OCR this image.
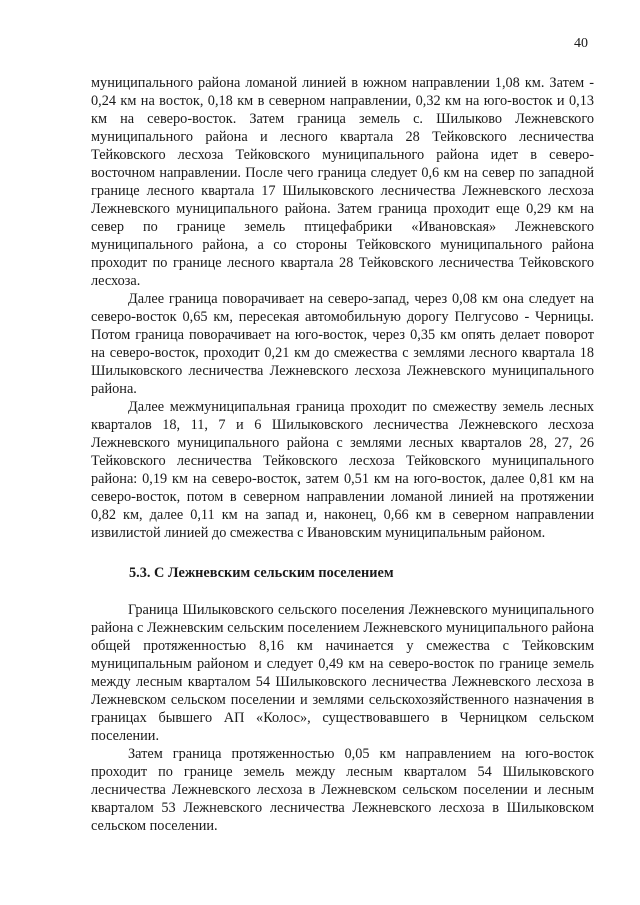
40

муниципального района ломаной линией в южном направлении 1,08 км. Затем - 0,24 км на восток, 0,18 км в северном направлении, 0,32 км на юго-восток и 0,13 км на северо-восток. Затем граница земель с. Шилыково Лежневского муниципального района и лесного квартала 28 Тейковского лесничества Тейковского лесхоза Тейковского муниципального района идет в северо-восточном направлении. После чего граница следует 0,6 км на север по западной границе лесного квартала 17 Шилыковского лесничества Лежневского лесхоза Лежневского муниципального района. Затем граница проходит еще 0,29 км на север по границе земель птицефабрики «Ивановская» Лежневского муниципального района, а со стороны Тейковского муниципального района проходит по границе лесного квартала 28 Тейковского лесничества Тейковского лесхоза.

Далее граница поворачивает на северо-запад, через 0,08 км она следует на северо-восток 0,65 км, пересекая автомобильную дорогу Пелгусово - Черницы. Потом граница поворачивает на юго-восток, через 0,35 км опять делает поворот на северо-восток, проходит 0,21 км до смежества с землями лесного квартала 18 Шилыковского лесничества Лежневского лесхоза Лежневского муниципального района.

Далее межмуниципальная граница проходит по смежеству земель лесных кварталов 18, 11, 7 и 6 Шилыковского лесничества Лежневского лесхоза Лежневского муниципального района с землями лесных кварталов 28, 27, 26 Тейковского лесничества Тейковского лесхоза Тейковского муниципального района: 0,19 км на северо-восток, затем 0,51 км на юго-восток, далее 0,81 км на северо-восток, потом в северном направлении ломаной линией на протяжении 0,82 км, далее 0,11 км на запад и, наконец, 0,66 км в северном направлении извилистой линией до смежества с Ивановским муниципальным районом.

5.3. С Лежневским сельским поселением

Граница Шилыковского сельского поселения Лежневского муниципального района с Лежневским сельским поселением Лежневского муниципального района общей протяженностью 8,16 км начинается у смежества с Тейковским муниципальным районом и следует 0,49 км на северо-восток по границе земель между лесным кварталом 54 Шилыковского лесничества Лежневского лесхоза в Лежневском сельском поселении и землями сельскохозяйственного назначения в границах бывшего АП «Колос», существовавшего в Черницком сельском поселении.

Затем граница протяженностью 0,05 км направлением на юго-восток проходит по границе земель между лесным кварталом 54 Шилыковского лесничества Лежневского лесхоза в Лежневском сельском поселении и лесным кварталом 53 Лежневского лесничества Лежневского лесхоза в Шилыковском сельском поселении.
